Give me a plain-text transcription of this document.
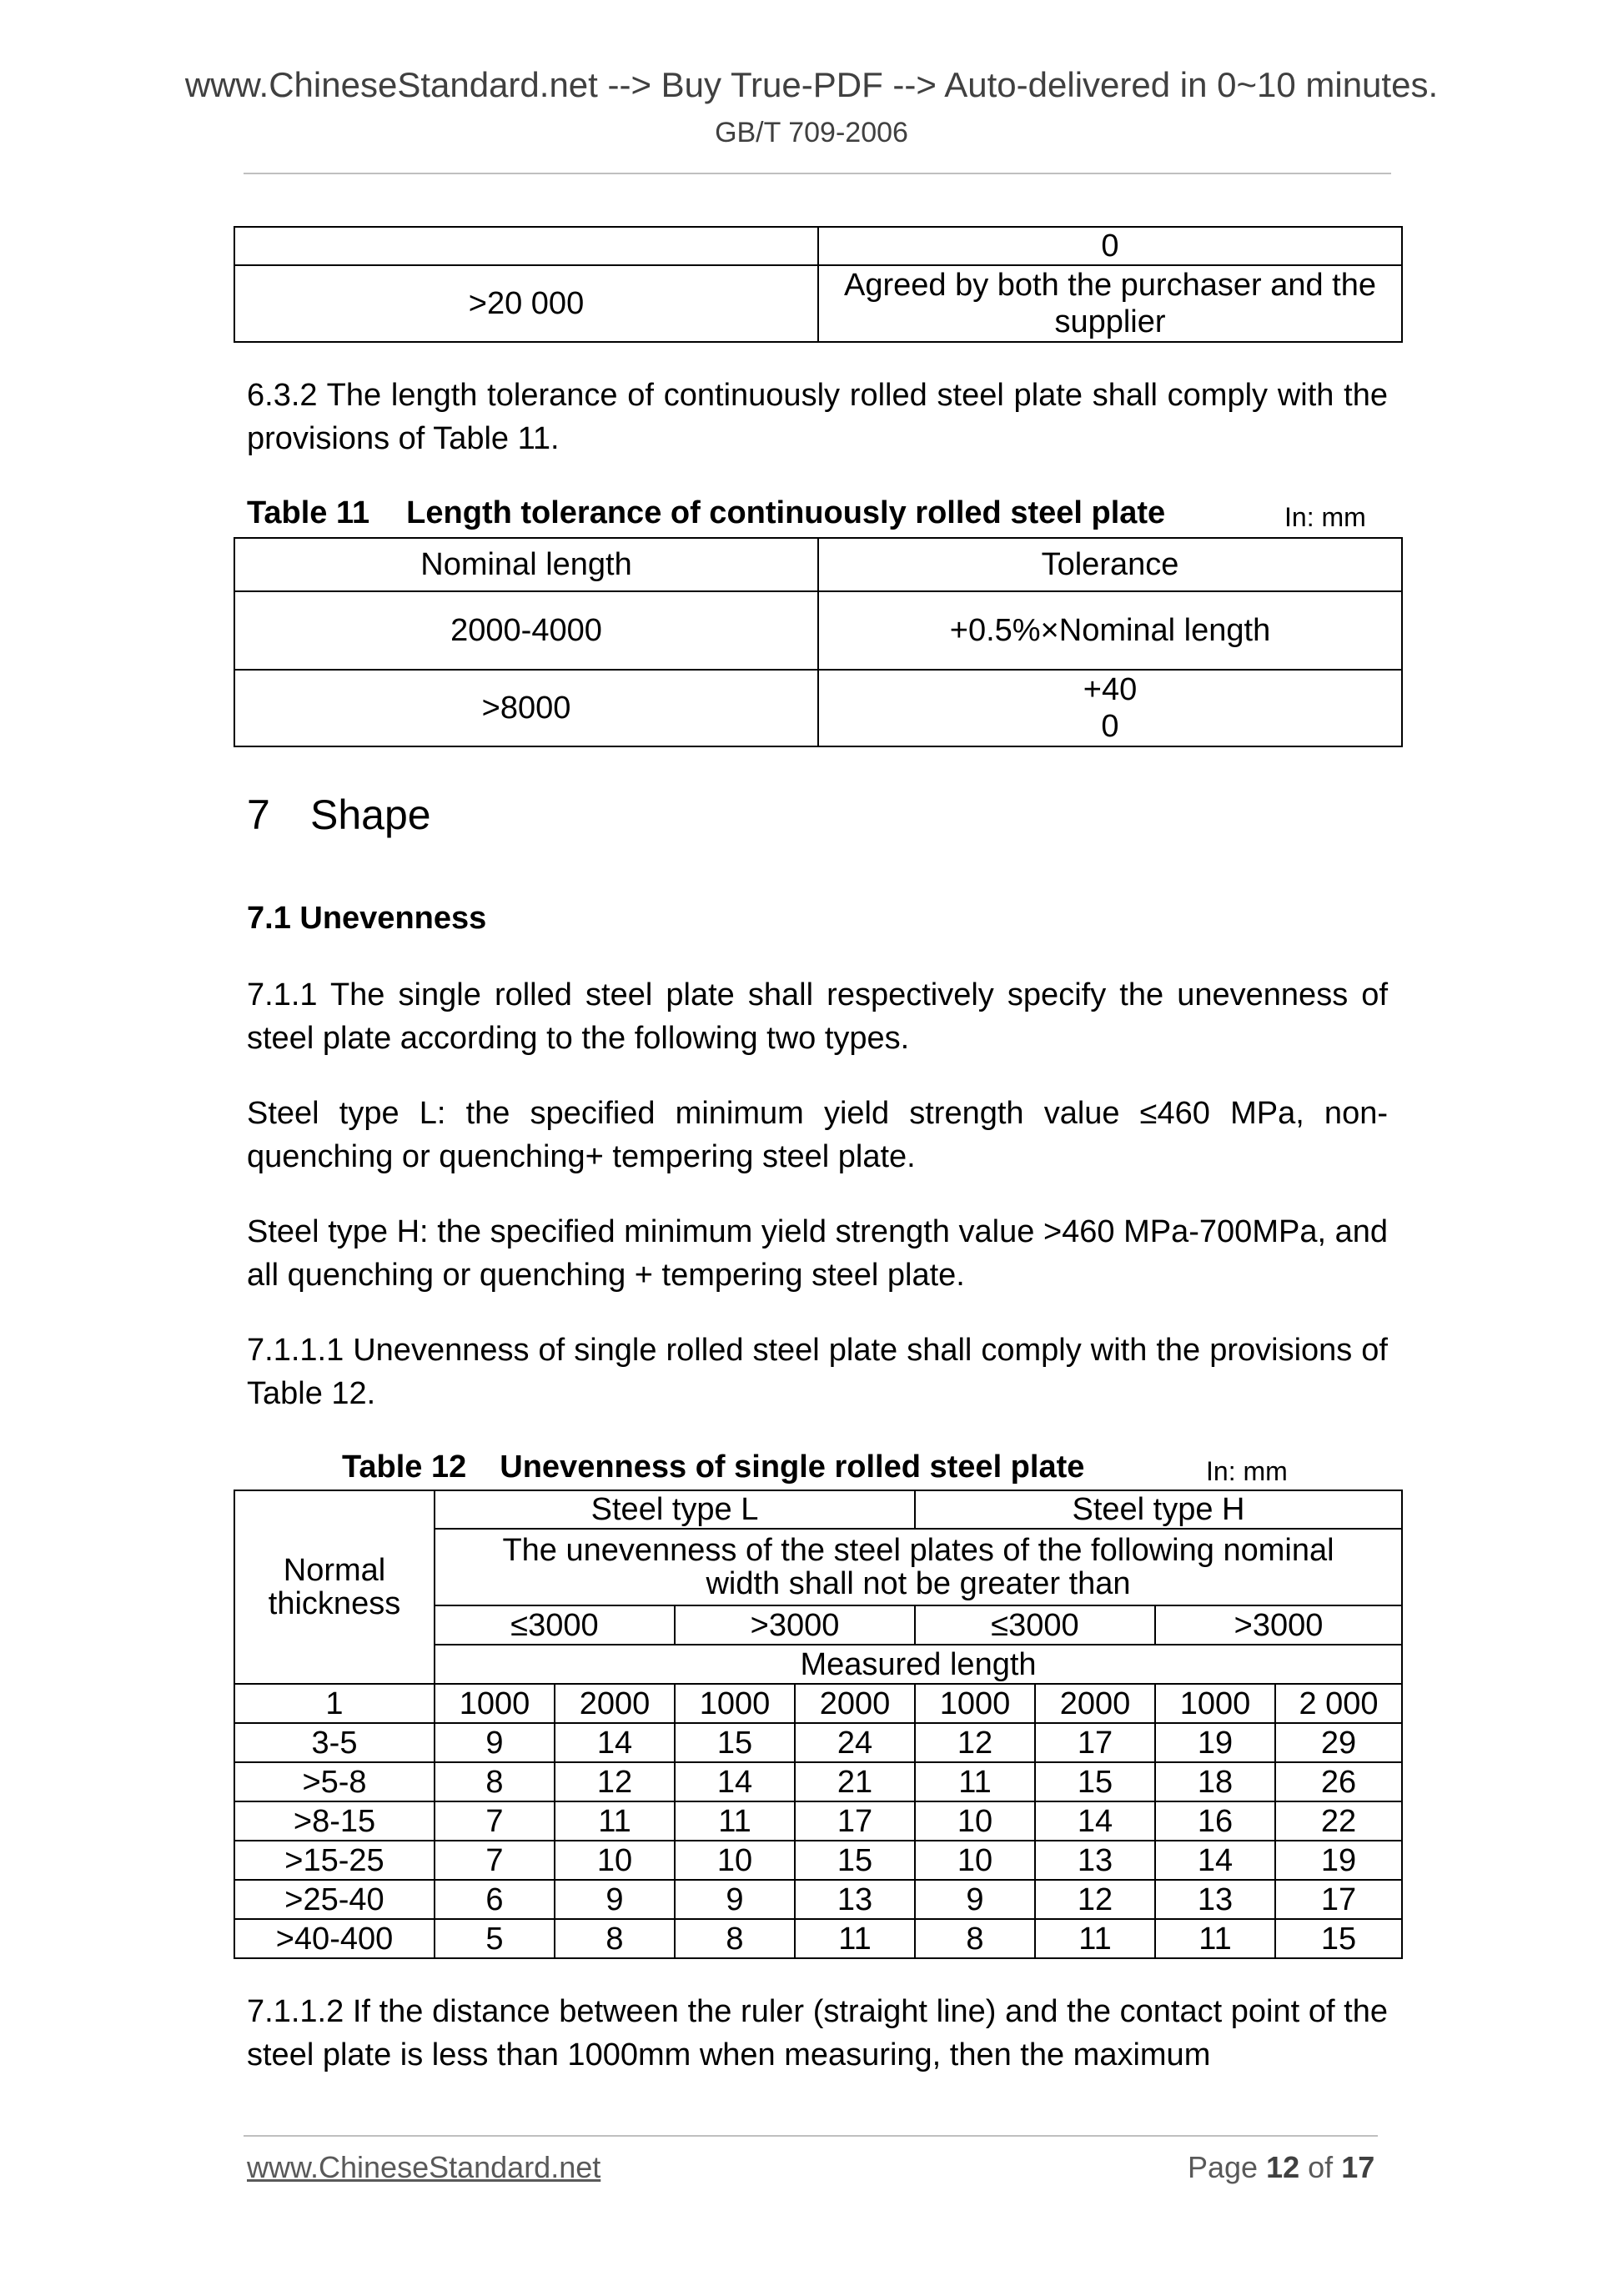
www.ChineseStandard.net --> Buy True-PDF --> Auto-delivered in 0~10 minutes.
GB/T 709-2006
	0
>20 000	Agreed by both the purchaser and the supplier

6.3.2 The length tolerance of continuously rolled steel plate shall comply with the provisions of Table 11.

Table 11 Length tolerance of continuously rolled steel plate	In: mm
Nominal length	Tolerance
2000-4000	+0.5%×Nominal length
>8000	+40
0
7 Shape
7.1 Unevenness

7.1.1 The single rolled steel plate shall respectively specify the unevenness of steel plate according to the following two types.

Steel type L: the specified minimum yield strength value ≤460 MPa, non-quenching or quenching+ tempering steel plate.

Steel type H: the specified minimum yield strength value >460 MPa-700MPa, and all quenching or quenching + tempering steel plate.

7.1.1.1 Unevenness of single rolled steel plate shall comply with the provisions of Table 12.

Table 12 Unevenness of single rolled steel plate	In: mm
Normal thickness	Steel type L				Steel type H			
	The unevenness of the steel plates of the following nominal width shall not be greater than							
	≤3000		>3000		≤3000		>3000	
	Measured length							
1	1000	2000	1000	2000	1000	2000	1000	2 000
3-5	9	14	15	24	12	17	19	29
>5-8	8	12	14	21	11	15	18	26
>8-15	7	11	11	17	10	14	16	22
>15-25	7	10	10	15	10	13	14	19
>25-40	6	9	9	13	9	12	13	17
>40-400	5	8	8	11	8	11	11	15

7.1.1.2 If the distance between the ruler (straight line) and the contact point of the steel plate is less than 1000mm when measuring, then the maximum

www.ChineseStandard.net	Page 12 of 17
